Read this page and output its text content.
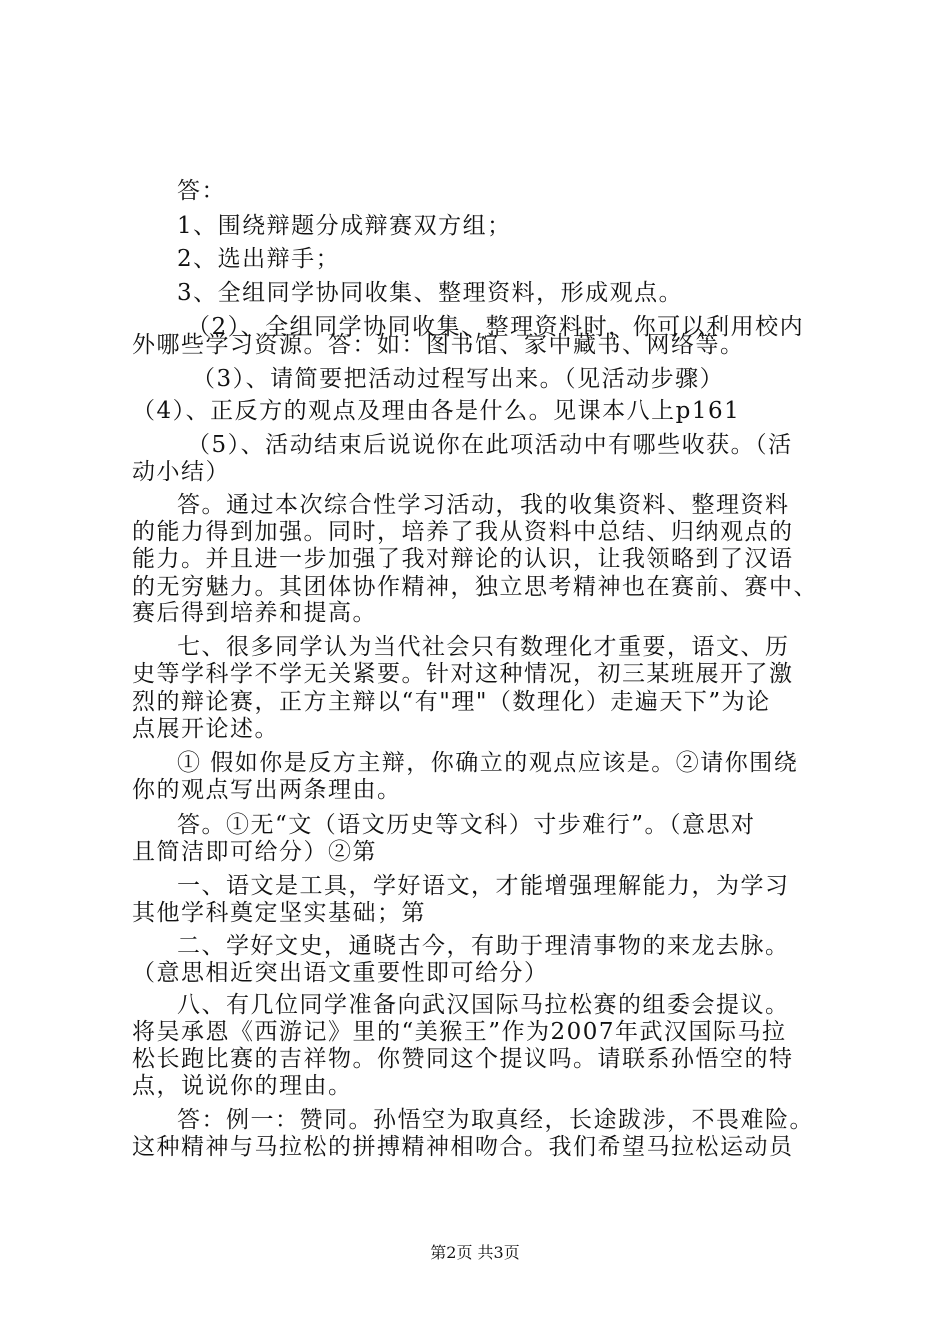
答：
1、围绕辩题分成辩赛双方组；
2、选出辩手；
3、全组同学协同收集、整理资料，形成观点。
（2）、全组同学协同收集、整理资料时，你可以利用校内
外哪些学习资源。答：如：图书馆、家中藏书、网络等。
（3）、请简要把活动过程写出来。（见活动步骤）
（4）、正反方的观点及理由各是什么。见课本八上p161
（5）、活动结束后说说你在此项活动中有哪些收获。（活
动小结）
答。通过本次综合性学习活动，我的收集资料、整理资料
的能力得到加强。同时，培养了我从资料中总结、归纳观点的
能力。并且进一步加强了我对辩论的认识，让我领略到了汉语
的无穷魅力。其团体协作精神，独立思考精神也在赛前、赛中、
赛后得到培养和提高。
七、很多同学认为当代社会只有数理化才重要，语文、历
史等学科学不学无关紧要。针对这种情况，初三某班展开了激
烈的辩论赛，正方主辩以“有"理"（数理化）走遍天下”为论
点展开论述。
① 假如你是反方主辩，你确立的观点应该是。②请你围绕
你的观点写出两条理由。
答。①无“文（语文历史等文科）寸步难行”。（意思对
且简洁即可给分）②第
一、语文是工具，学好语文，才能增强理解能力，为学习
其他学科奠定坚实基础；第
二、学好文史，通晓古今，有助于理清事物的来龙去脉。
（意思相近突出语文重要性即可给分）
八、有几位同学准备向武汉国际马拉松赛的组委会提议。
将吴承恩《西游记》里的“美猴王”作为2007年武汉国际马拉
松长跑比赛的吉祥物。你赞同这个提议吗。请联系孙悟空的特
点，说说你的理由。
答：例一：赞同。孙悟空为取真经，长途跋涉，不畏难险。
这种精神与马拉松的拼搏精神相吻合。我们希望马拉松运动员
第2页 共3页
